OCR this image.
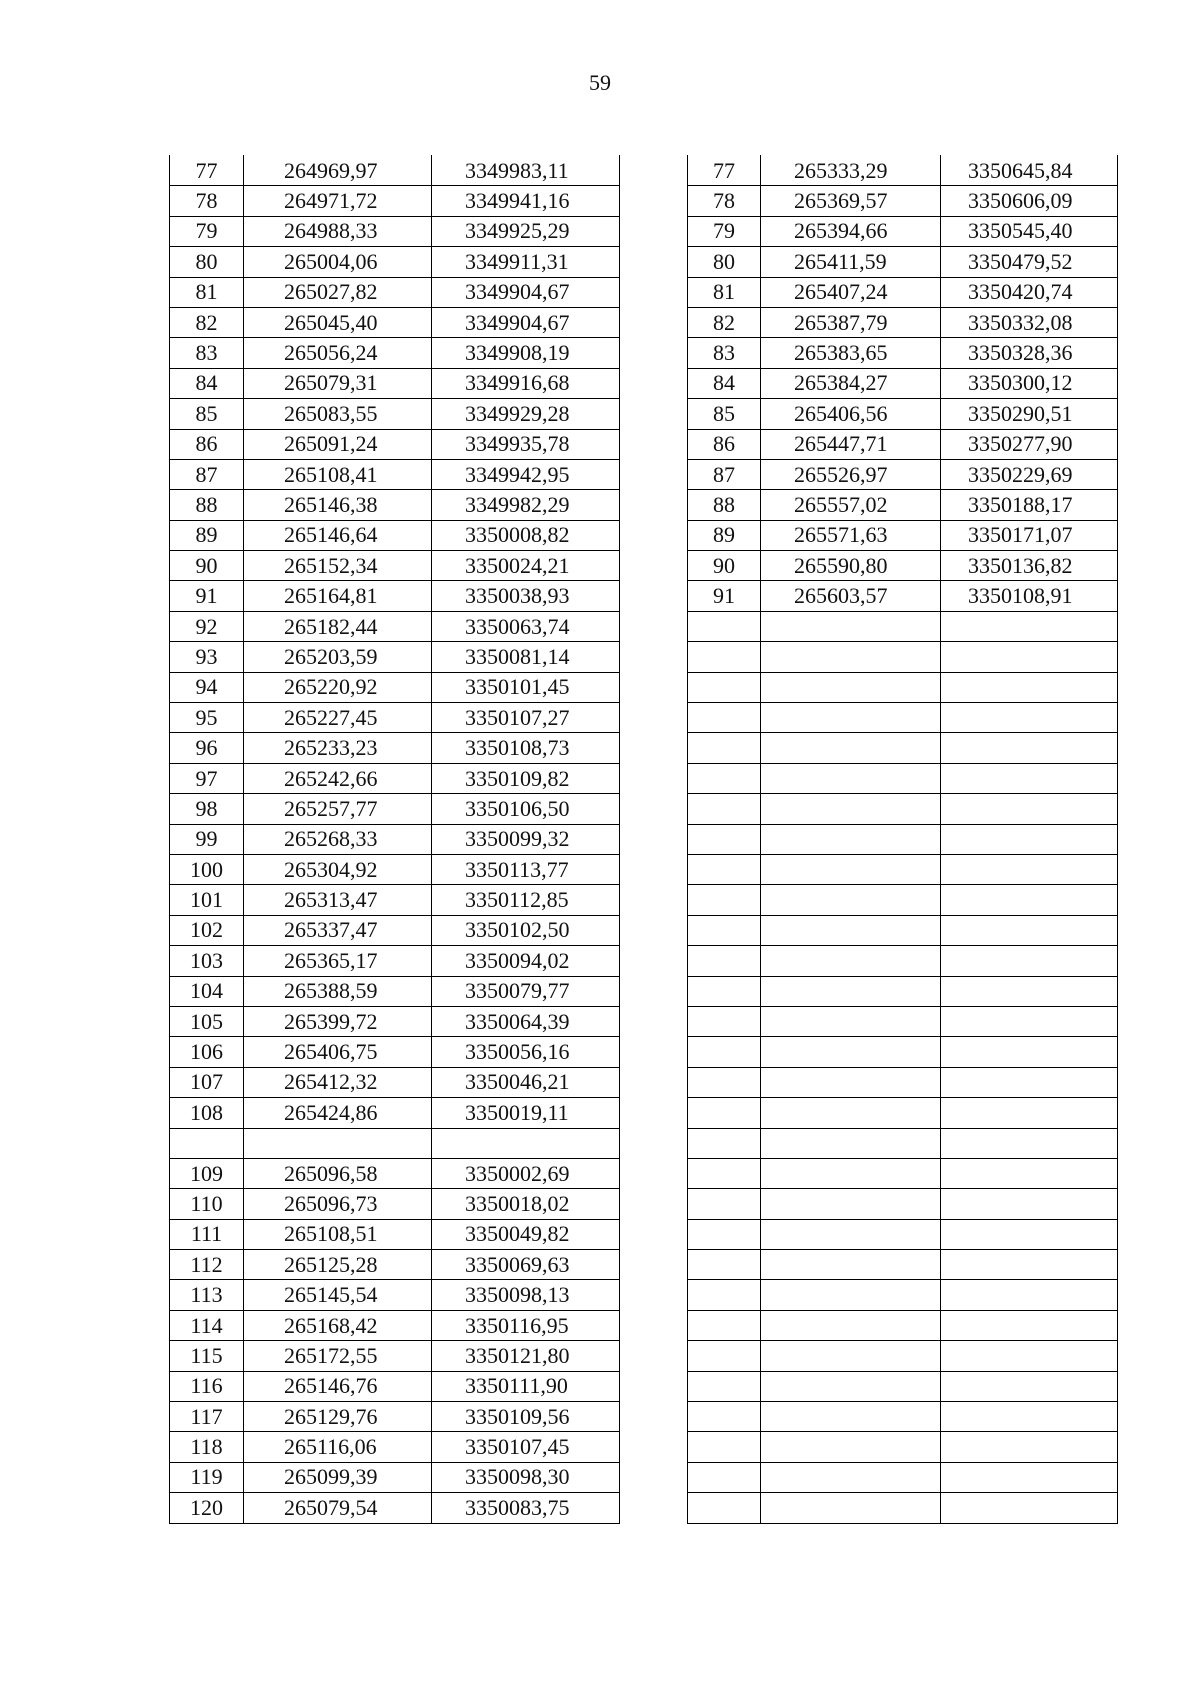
59
77	264969,97	3349983,11
78	264971,72	3349941,16
79	264988,33	3349925,29
80	265004,06	3349911,31
81	265027,82	3349904,67
82	265045,40	3349904,67
83	265056,24	3349908,19
84	265079,31	3349916,68
85	265083,55	3349929,28
86	265091,24	3349935,78
87	265108,41	3349942,95
88	265146,38	3349982,29
89	265146,64	3350008,82
90	265152,34	3350024,21
91	265164,81	3350038,93
92	265182,44	3350063,74
93	265203,59	3350081,14
94	265220,92	3350101,45
95	265227,45	3350107,27
96	265233,23	3350108,73
97	265242,66	3350109,82
98	265257,77	3350106,50
99	265268,33	3350099,32
100	265304,92	3350113,77
101	265313,47	3350112,85
102	265337,47	3350102,50
103	265365,17	3350094,02
104	265388,59	3350079,77
105	265399,72	3350064,39
106	265406,75	3350056,16
107	265412,32	3350046,21
108	265424,86	3350019,11

109	265096,58	3350002,69
110	265096,73	3350018,02
111	265108,51	3350049,82
112	265125,28	3350069,63
113	265145,54	3350098,13
114	265168,42	3350116,95
115	265172,55	3350121,80
116	265146,76	3350111,90
117	265129,76	3350109,56
118	265116,06	3350107,45
119	265099,39	3350098,30
120	265079,54	3350083,75
77	265333,29	3350645,84
78	265369,57	3350606,09
79	265394,66	3350545,40
80	265411,59	3350479,52
81	265407,24	3350420,74
82	265387,79	3350332,08
83	265383,65	3350328,36
84	265384,27	3350300,12
85	265406,56	3350290,51
86	265447,71	3350277,90
87	265526,97	3350229,69
88	265557,02	3350188,17
89	265571,63	3350171,07
90	265590,80	3350136,82
91	265603,57	3350108,91
